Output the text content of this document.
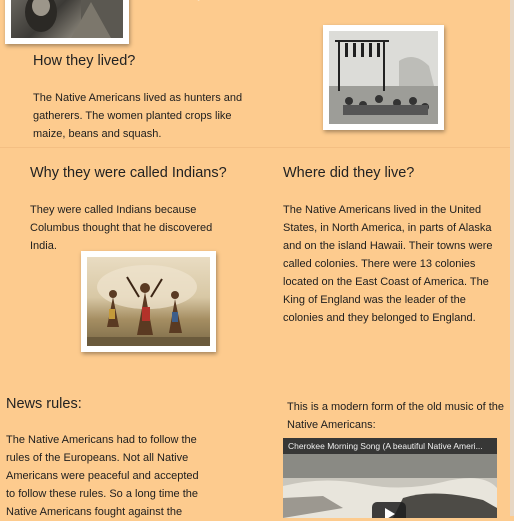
How they lived?

The Native Americans lived as hunters and gatherers. The women planted crops like maize, beans and squash.

Why they were called Indians?

They were called Indians because Columbus thought that he discovered India.

Where did they live?

The Native Americans lived in the United States, in North America, in parts of Alaska and on the island Hawaii. Their towns were called colonies. There were 13 colonies located on the East Coast of America. The King of England was the leader of the colonies and they belonged to England.

News rules:

The Native Americans had to follow the rules of the Europeans. Not all Native Americans were peaceful and accepted to follow these rules. So a long time the Native Americans fought against the

This is a modern form of the old music of the Native Americans:

Cherokee Morning Song (A beautiful Native Ameri...
